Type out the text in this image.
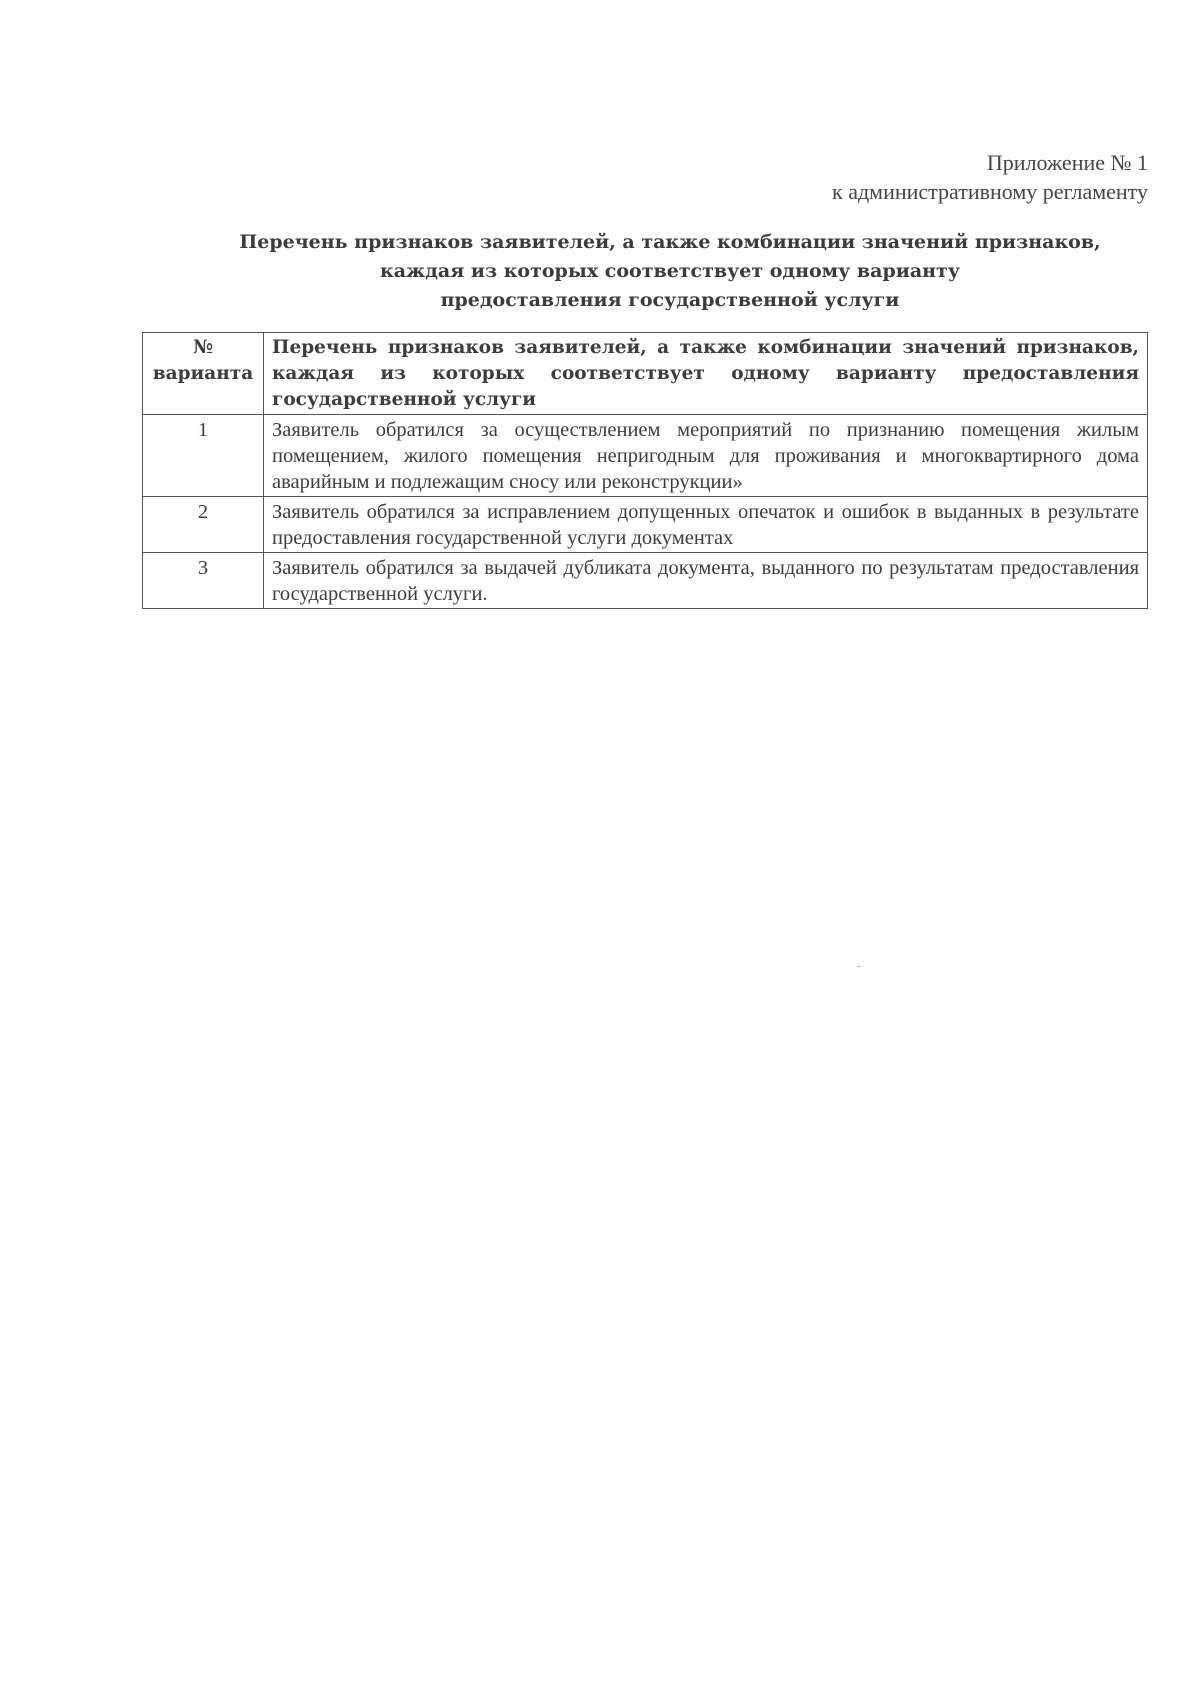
Приложение № 1
к административному регламенту
Перечень признаков заявителей, а также комбинации значений признаков,
каждая из которых соответствует одному варианту
предоставления государственной услуги
№
варианта	Перечень признаков заявителей, а также комбинации значений признаков, каждая из которых соответствует одному варианту предоставления государственной услуги
1	Заявитель обратился за осуществлением мероприятий по признанию помещения жилым помещением, жилого помещения непригодным для проживания и многоквартирного дома аварийным и подлежащим сносу или реконструкции»
2	Заявитель обратился за исправлением допущенных опечаток и ошибок в выданных в результате предоставления государственной услуги документах
3	Заявитель обратился за выдачей дубликата документа, выданного по результатам предоставления государственной услуги.
